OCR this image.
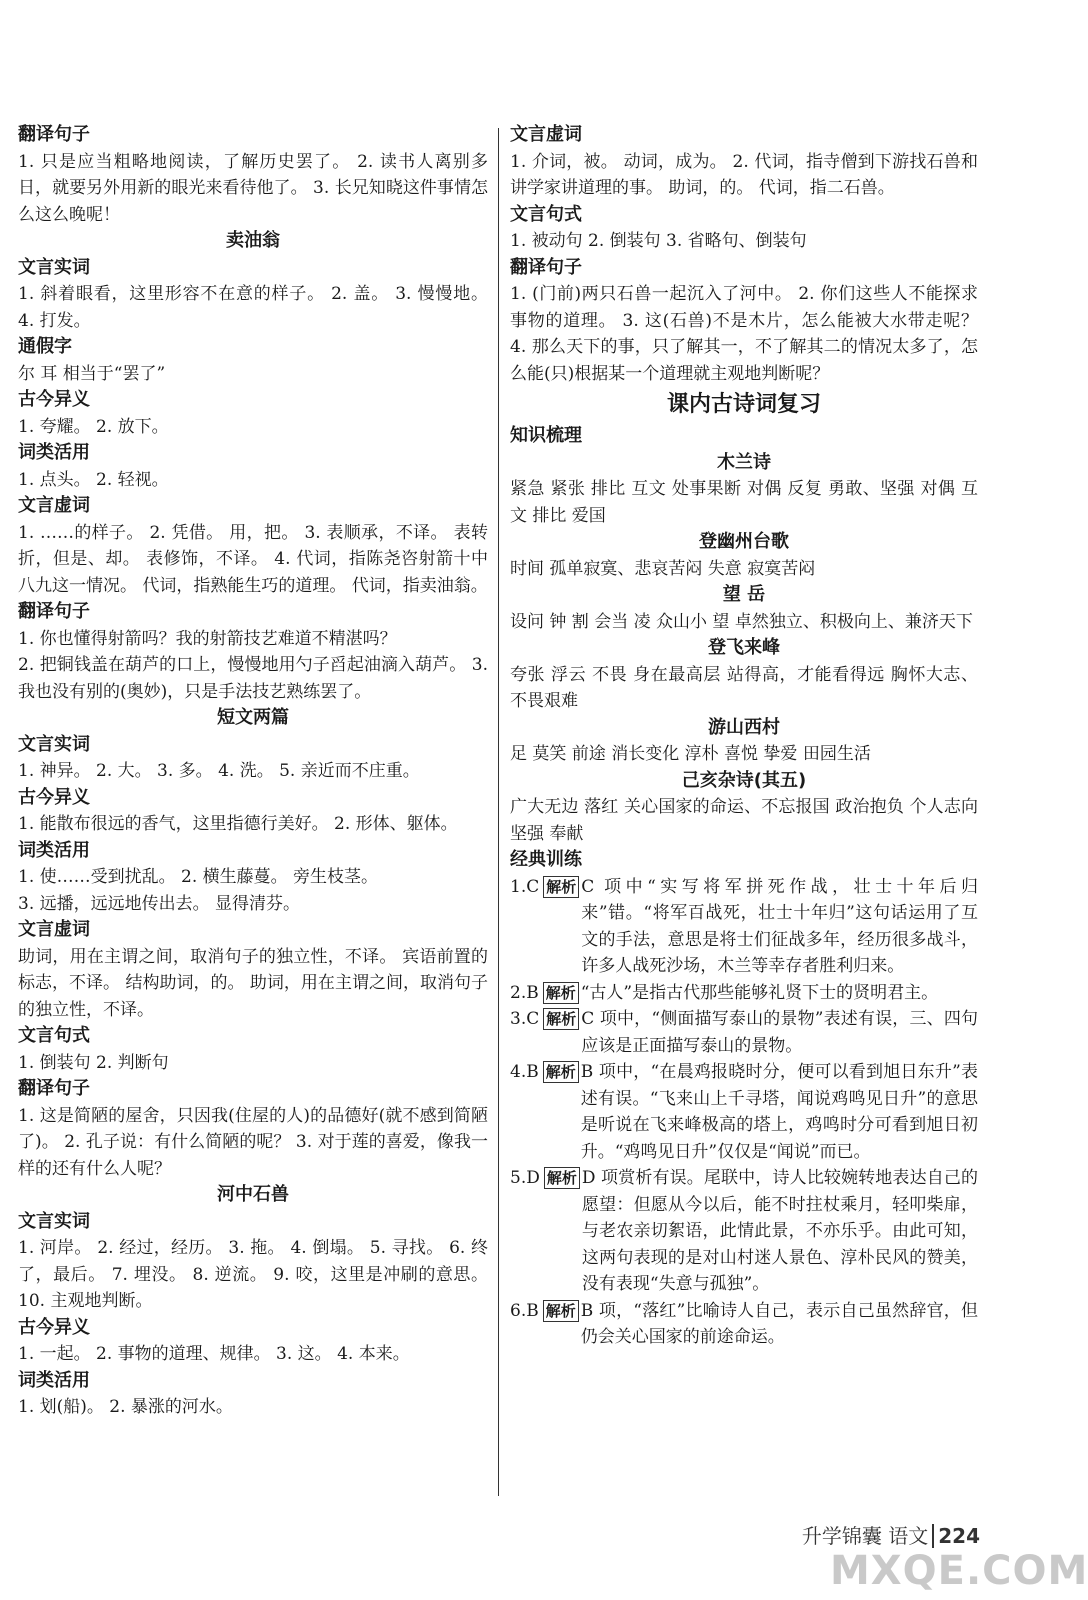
翻译句子
1. 只是应当粗略地阅读，了解历史罢了。 2. 读书人离别多日，就要另外用新的眼光来看待他了。 3. 长兄知晓这件事情怎么这么晚呢！
卖油翁
文言实词
1. 斜着眼看，这里形容不在意的样子。 2. 盖。 3. 慢慢地。 4. 打发。
通假字
尔 耳 相当于“罢了”
古今异义
1. 夸耀。 2. 放下。
词类活用
1. 点头。 2. 轻视。
文言虚词
1. ……的样子。 2. 凭借。 用，把。 3. 表顺承，不译。 表转折，但是、却。 表修饰，不译。 4. 代词，指陈尧咨射箭十中八九这一情况。 代词，指熟能生巧的道理。 代词，指卖油翁。
翻译句子
1. 你也懂得射箭吗？我的射箭技艺难道不精湛吗？
2. 把铜钱盖在葫芦的口上，慢慢地用勺子舀起油滴入葫芦。 3. 我也没有别的(奥妙)，只是手法技艺熟练罢了。
短文两篇
文言实词
1. 神异。 2. 大。 3. 多。 4. 洗。 5. 亲近而不庄重。
古今异义
1. 能散布很远的香气，这里指德行美好。 2. 形体、躯体。
词类活用
1. 使……受到扰乱。 2. 横生藤蔓。 旁生枝茎。
3. 远播，远远地传出去。 显得清芬。
文言虚词
助词，用在主谓之间，取消句子的独立性，不译。 宾语前置的标志，不译。 结构助词，的。 助词，用在主谓之间，取消句子的独立性，不译。
文言句式
1. 倒装句 2. 判断句
翻译句子
1. 这是简陋的屋舍，只因我(住屋的人)的品德好(就不感到简陋了)。 2. 孔子说：有什么简陋的呢？ 3. 对于莲的喜爱，像我一样的还有什么人呢？
河中石兽
文言实词
1. 河岸。 2. 经过，经历。 3. 拖。 4. 倒塌。 5. 寻找。 6. 终了，最后。 7. 埋没。 8. 逆流。 9. 咬，这里是冲刷的意思。 10. 主观地判断。
古今异义
1. 一起。 2. 事物的道理、规律。 3. 这。 4. 本来。
词类活用
1. 划(船)。 2. 暴涨的河水。
文言虚词
1. 介词，被。 动词，成为。 2. 代词，指寺僧到下游找石兽和讲学家讲道理的事。 助词，的。 代词，指二石兽。
文言句式
1. 被动句 2. 倒装句 3. 省略句、倒装句
翻译句子
1. (门前)两只石兽一起沉入了河中。 2. 你们这些人不能探求事物的道理。 3. 这(石兽)不是木片，怎么能被大水带走呢？ 4. 那么天下的事，只了解其一，不了解其二的情况太多了，怎么能(只)根据某一个道理就主观地判断呢？
课内古诗词复习
知识梳理
木兰诗
紧急 紧张 排比 互文 处事果断 对偶 反复 勇敢、坚强 对偶 互文 排比 爱国
登幽州台歌
时间 孤单寂寞、悲哀苦闷 失意 寂寞苦闷
望 岳
设问 钟 割 会当 凌 众山小 望 卓然独立、积极向上、兼济天下
登飞来峰
夸张 浮云 不畏 身在最高层 站得高，才能看得远 胸怀大志、不畏艰难
游山西村
足 莫笑 前途 消长变化 淳朴 喜悦 挚爱 田园生活
己亥杂诗(其五)
广大无边 落红 关心国家的命运、不忘报国 政治抱负 个人志向 坚强 奉献
经典训练
1.C 解析 C 项中“实写将军拼死作战，壮士十年后归来”错。“将军百战死，壮士十年归”这句话运用了互文的手法，意思是将士们征战多年，经历很多战斗，许多人战死沙场，木兰等幸存者胜利归来。
2.B 解析 “古人”是指古代那些能够礼贤下士的贤明君主。
3.C 解析 C 项中，“侧面描写泰山的景物”表述有误，三、四句应该是正面描写泰山的景物。
4.B 解析 B 项中，“在晨鸡报晓时分，便可以看到旭日东升”表述有误。“飞来山上千寻塔，闻说鸡鸣见日升”的意思是听说在飞来峰极高的塔上，鸡鸣时分可看到旭日初升。“鸡鸣见日升”仅仅是“闻说”而已。
5.D 解析 D 项赏析有误。尾联中，诗人比较婉转地表达自己的愿望：但愿从今以后，能不时拄杖乘月，轻叩柴扉，与老农亲切絮语，此情此景，不亦乐乎。由此可知，这两句表现的是对山村迷人景色、淳朴民风的赞美，没有表现“失意与孤独”。
6.B 解析 B 项，“落红”比喻诗人自己，表示自己虽然辞官，但仍会关心国家的前途命运。
升学锦囊 语文 224
MXQE.COM
